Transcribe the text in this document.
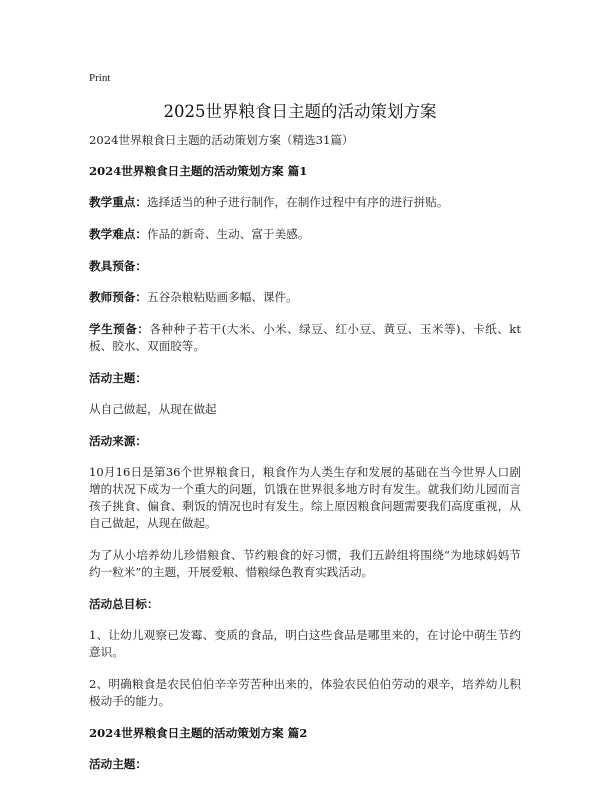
Print
2025世界粮食日主题的活动策划方案

2024世界粮食日主题的活动策划方案（精选31篇）

2024世界粮食日主题的活动策划方案 篇1

教学重点：选择适当的种子进行制作，在制作过程中有序的进行拼贴。

教学难点：作品的新奇、生动、富于美感。

教具预备：

教师预备：五谷杂粮粘贴画多幅、课件。

学生预备：各种种子若干(大米、小米、绿豆、红小豆、黄豆、玉米等)、卡纸、kt板、胶水、双面胶等。

活动主题：

从自己做起，从现在做起

活动来源：

10月16日是第36个世界粮食日，粮食作为人类生存和发展的基础在当今世界人口剧增的状况下成为一个重大的问题，饥饿在世界很多地方时有发生。就我们幼儿园而言孩子挑食、偏食、剩饭的情况也时有发生。综上原因粮食问题需要我们高度重视，从自己做起，从现在做起。

为了从小培养幼儿珍惜粮食、节约粮食的好习惯，我们五龄组将围绕“为地球妈妈节约一粒米”的主题，开展爱粮、惜粮绿色教育实践活动。

活动总目标：

1、让幼儿观察已发霉、变质的食品，明白这些食品是哪里来的，在讨论中萌生节约意识。

2、明确粮食是农民伯伯辛辛劳苦种出来的，体验农民伯伯劳动的艰辛，培养幼儿积极动手的能力。

2024世界粮食日主题的活动策划方案 篇2

活动主题：
